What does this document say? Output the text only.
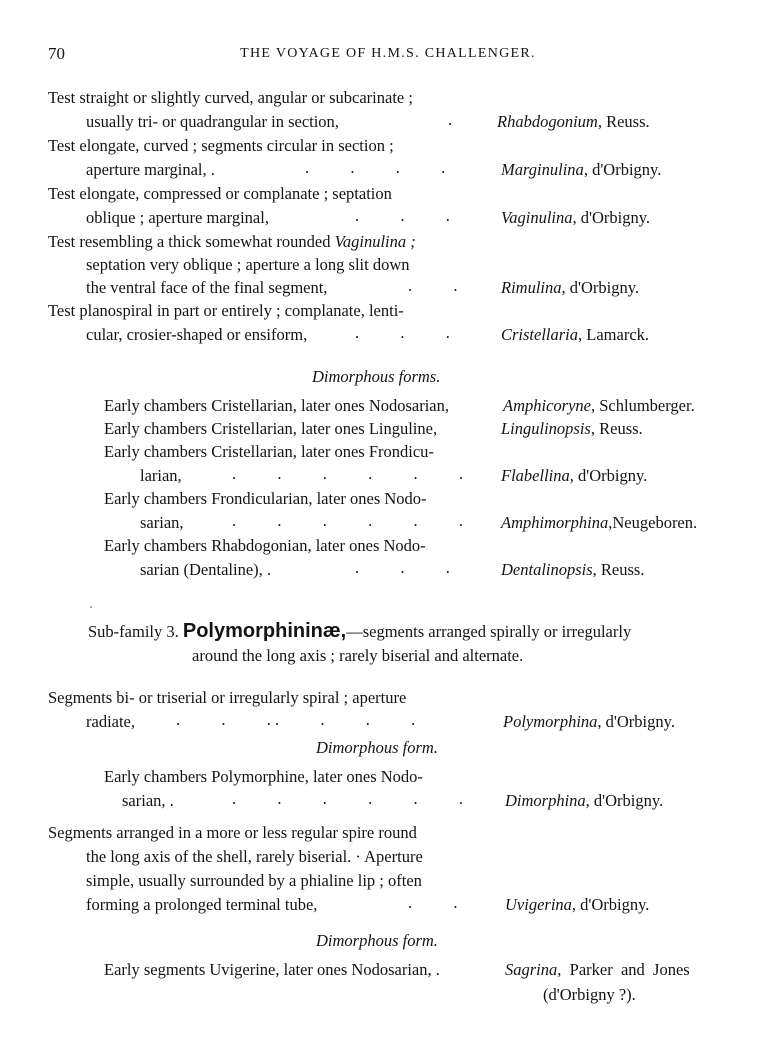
70	THE VOYAGE OF H.M.S. CHALLENGER.
Test straight or slightly curved, angular or subcarinate ;
usually tri- or quadrangular in section,	.	Rhabdogonium, Reuss.
Test elongate, curved ; segments circular in section ;
aperture marginal, .	.          .          .          .	Marginulina, d'Orbigny.
Test elongate, compressed or complanate ; septation
oblique ; aperture marginal,	.          .          .	Vaginulina, d'Orbigny.
Test resembling a thick somewhat rounded Vaginulina ;
septation very oblique ; aperture a long slit down
the ventral face of the final segment,	.          .	Rimulina, d'Orbigny.
Test planospiral in part or entirely ; complanate, lenti-
cular, crosier-shaped or ensiform,	.          .          .	Cristellaria, Lamarck.
Dimorphous forms.
Early chambers Cristellarian, later ones Nodosarian,	Amphicoryne, Schlumberger.
Early chambers Cristellarian, later ones Linguline,	Lingulinopsis, Reuss.
Early chambers Cristellarian, later ones Frondicu-
larian,	.          .          .          .          .          . Flabellina, d'Orbigny.
Early chambers Frondicularian, later ones Nodo-
sarian,	.          .          .          .          .          . Amphimorphina,Neugeboren.
Early chambers Rhabdogonian, later ones Nodo-
sarian (Dentaline), .	.          .          .	Dentalinopsis, Reuss.
Sub-family 3. Polymorphininæ,—segments arranged spirally or irregularly
around the long axis ; rarely biserial and alternate.
Segments bi- or triserial or irregularly spiral ; aperture
radiate, .          .          . .          .          .          .	Polymorphina, d'Orbigny.
Dimorphous form.
Early chambers Polymorphine, later ones Nodo-
sarian, .	.          .          .          .          .          .	Dimorphina, d'Orbigny.
Segments arranged in a more or less regular spire round
the long axis of the shell, rarely biserial. · Aperture
simple, usually surrounded by a phialine lip ; often
forming a prolonged terminal tube,	.          .	Uvigerina, d'Orbigny.
Dimorphous form.
Early segments Uvigerine, later ones Nodosarian, .	Sagrina,  Parker  and  Jones
(d'Orbigny ?).
